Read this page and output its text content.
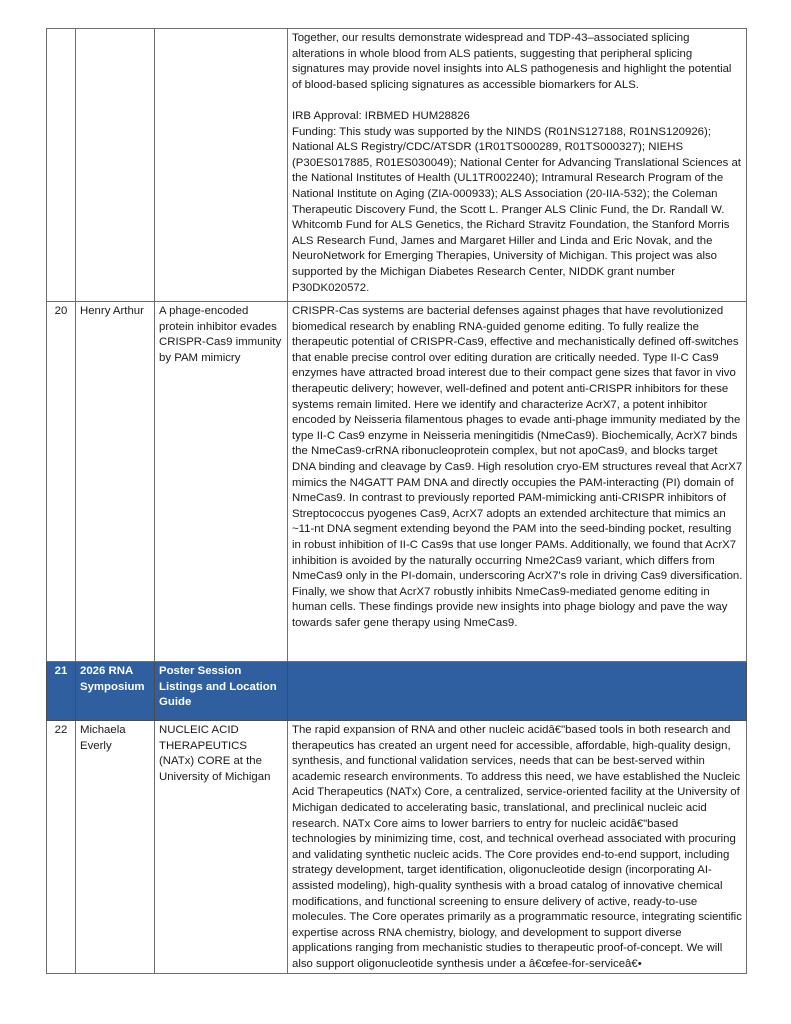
			Together, our results demonstrate widespread and TDP-43–associated splicing alterations in whole blood from ALS patients, suggesting that peripheral splicing signatures may provide novel insights into ALS pathogenesis and highlight the potential of blood-based splicing signatures as accessible biomarkers for ALS.

IRB Approval: IRBMED HUM28826

Funding: This study was supported by the NINDS (R01NS127188, R01NS120926); National ALS Registry/CDC/ATSDR (1R01TS000289, R01TS000327); NIEHS (P30ES017885, R01ES030049); National Center for Advancing Translational Sciences at the National Institutes of Health (UL1TR002240); Intramural Research Program of the National Institute on Aging (ZIA-000933); ALS Association (20-IIA-532); the Coleman Therapeutic Discovery Fund, the Scott L. Pranger ALS Clinic Fund, the Dr. Randall W. Whitcomb Fund for ALS Genetics, the Richard Stravitz Foundation, the Stanford Morris ALS Research Fund, James and Margaret Hiller and Linda and Eric Novak, and the NeuroNetwork for Emerging Therapies, University of Michigan. This project was also supported by the Michigan Diabetes Research Center, NIDDK grant number P30DK020572.

20	Henry Arthur	A phage-encoded protein inhibitor evades CRISPR-Cas9 immunity by PAM mimicry	CRISPR-Cas systems are bacterial defenses against phages that have revolutionized biomedical research by enabling RNA-guided genome editing. To fully realize the therapeutic potential of CRISPR-Cas9, effective and mechanistically defined off-switches that enable precise control over editing duration are critically needed. Type II-C Cas9 enzymes have attracted broad interest due to their compact gene sizes that favor in vivo therapeutic delivery; however, well-defined and potent anti-CRISPR inhibitors for these systems remain limited. Here we identify and characterize AcrX7, a potent inhibitor encoded by Neisseria filamentous phages to evade anti-phage immunity mediated by the type II-C Cas9 enzyme in Neisseria meningitidis (NmeCas9). Biochemically, AcrX7 binds the NmeCas9-crRNA ribonucleoprotein complex, but not apoCas9, and blocks target DNA binding and cleavage by Cas9. High resolution cryo-EM structures reveal that AcrX7 mimics the N4GATT PAM DNA and directly occupies the PAM-interacting (PI) domain of NmeCas9. In contrast to previously reported PAM-mimicking anti-CRISPR inhibitors of Streptococcus pyogenes Cas9, AcrX7 adopts an extended architecture that mimics an ~11-nt DNA segment extending beyond the PAM into the seed-binding pocket, resulting in robust inhibition of II-C Cas9s that use longer PAMs. Additionally, we found that AcrX7 inhibition is avoided by the naturally occurring Nme2Cas9 variant, which differs from NmeCas9 only in the PI-domain, underscoring AcrX7's role in driving Cas9 diversification. Finally, we show that AcrX7 robustly inhibits NmeCas9-mediated genome editing in human cells. These findings provide new insights into phage biology and pave the way towards safer gene therapy using NmeCas9.
21	2026 RNA Symposium	Poster Session Listings and Location Guide	
22	Michaela Everly	NUCLEIC ACID THERAPEUTICS (NATx) CORE at the University of Michigan	The rapid expansion of RNA and other nucleic acidâ€"based tools in both research and therapeutics has created an urgent need for accessible, affordable, high-quality design, synthesis, and functional validation services, needs that can be best-served within academic research environments. To address this need, we have established the Nucleic Acid Therapeutics (NATx) Core, a centralized, service-oriented facility at the University of Michigan dedicated to accelerating basic, translational, and preclinical nucleic acid research. NATx Core aims to lower barriers to entry for nucleic acidâ€"based technologies by minimizing time, cost, and technical overhead associated with procuring and validating synthetic nucleic acids. The Core provides end-to-end support, including strategy development, target identification, oligonucleotide design (incorporating AI-assisted modeling), high-quality synthesis with a broad catalog of innovative chemical modifications, and functional screening to ensure delivery of active, ready-to-use molecules. The Core operates primarily as a programmatic resource, integrating scientific expertise across RNA chemistry, biology, and development to support diverse applications ranging from mechanistic studies to therapeutic proof-of-concept. We will also support oligonucleotide synthesis under a â€œfee-for-serviceâ€•
